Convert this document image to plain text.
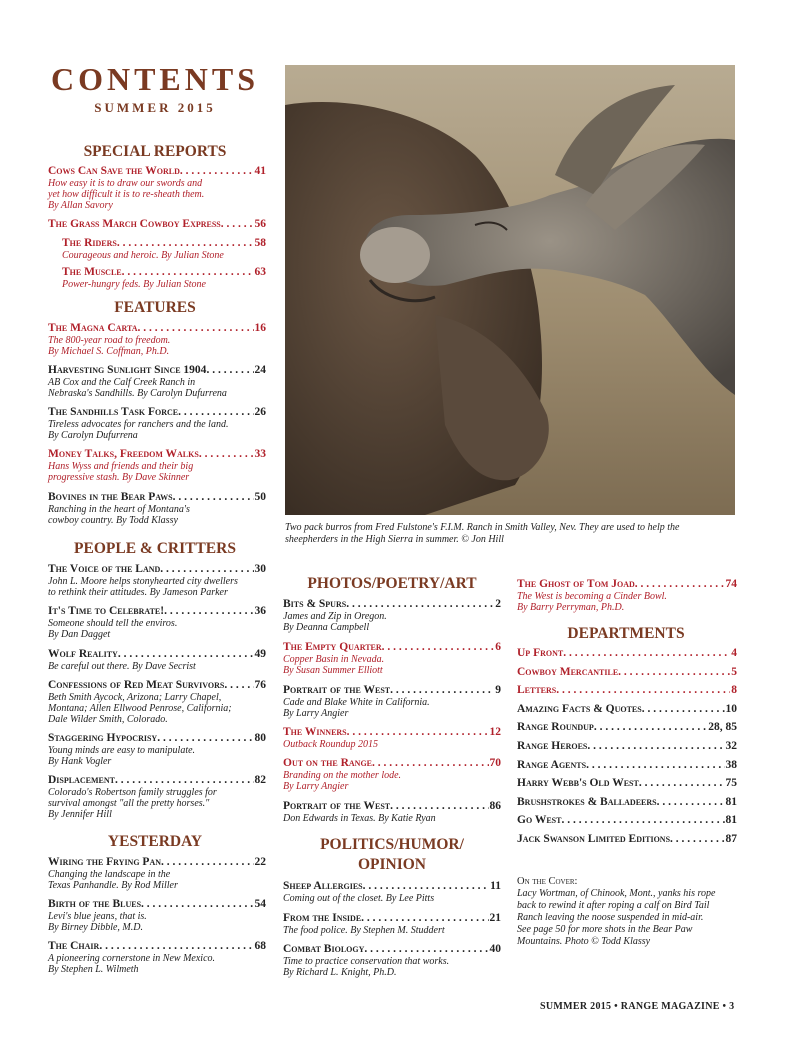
CONTENTS
SUMMER 2015
SPECIAL REPORTS
Cows Can Save the World . . .	41
How easy it is to draw our swords and
yet how difficult it is to re-sheath them.
By Allan Savory
The Grass March Cowboy Express . . .	56
The Riders . . .	58
Courageous and heroic. By Julian Stone
The Muscle . . .	63
Power-hungry feds. By Julian Stone
FEATURES
The Magna Carta . . .	16
The 800-year road to freedom.
By Michael S. Coffman, Ph.D.
Harvesting Sunlight Since 1904 . . .	24
AB Cox and the Calf Creek Ranch in
Nebraska's Sandhills. By Carolyn Dufurrena
The Sandhills Task Force . . .	26
Tireless advocates for ranchers and the land.
By Carolyn Dufurrena
Money Talks, Freedom Walks . . .	33
Hans Wyss and friends and their big
progressive stash. By Dave Skinner
Bovines in the Bear Paws . . .	50
Ranching in the heart of Montana's
cowboy country. By Todd Klassy
PEOPLE & CRITTERS
The Voice of the Land . . .	30
John L. Moore helps stonyhearted city dwellers
to rethink their attitudes. By Jameson Parker
It's Time to Celebrate! . . .	36
Someone should tell the enviros.
By Dan Dagget
Wolf Reality . . .	49
Be careful out there. By Dave Secrist
Confessions of Red Meat Survivors . . .	76
Beth Smith Aycock, Arizona; Larry Chapel,
Montana; Allen Ellwood Penrose, California;
Dale Wilder Smith, Colorado.
Staggering Hypocrisy . . .	80
Young minds are easy to manipulate.
By Hank Vogler
Displacement . . .	82
Colorado's Robertson family struggles for
survival amongst "all the pretty horses."
By Jennifer Hill
YESTERDAY
Wiring the Frying Pan . . .	22
Changing the landscape in the
Texas Panhandle. By Rod Miller
Birth of the Blues . . .	54
Levi's blue jeans, that is.
By Birney Dibble, M.D.
The Chair . . .	68
A pioneering cornerstone in New Mexico.
By Stephen L. Wilmeth
Two pack burros from Fred Fulstone's F.I.M. Ranch in Smith Valley, Nev. They are used to help the
sheepherders in the High Sierra in summer. © Jon Hill
PHOTOS/POETRY/ART
Bits & Spurs . . .	2
James and Zip in Oregon.
By Deanna Campbell
The Empty Quarter . . .	6
Copper Basin in Nevada.
By Susan Summer Elliott
Portrait of the West . . .	9
Cade and Blake White in California.
By Larry Angier
The Winners . . .	12
Outback Roundup 2015
Out on the Range . . .	70
Branding on the mother lode.
By Larry Angier
Portrait of the West . . .	86
Don Edwards in Texas. By Katie Ryan
POLITICS/HUMOR/
OPINION
Sheep Allergies . . .	11
Coming out of the closet. By Lee Pitts
From the Inside . . .	21
The food police. By Stephen M. Studdert
Combat Biology . . .	40
Time to practice conservation that works.
By Richard L. Knight, Ph.D.
The Ghost of Tom Joad . . .	74
The West is becoming a Cinder Bowl.
By Barry Perryman, Ph.D.
DEPARTMENTS
Up Front . . .	4
Cowboy Mercantile . . .	5
Letters . . .	8
Amazing Facts & Quotes . . .	10
Range Roundup . . .	28, 85
Range Heroes . . .	32
Range Agents . . .	38
Harry Webb's Old West . . .	75
Brushstrokes & Balladeers . . .	81
Go West . . .	81
Jack Swanson Limited Editions . . .	87
On the Cover:
Lacy Wortman, of Chinook, Mont., yanks his rope
back to rewind it after roping a calf on Bird Tail
Ranch leaving the noose suspended in mid-air.
See page 50 for more shots in the Bear Paw
Mountains. Photo © Todd Klassy
SUMMER 2015 • RANGE MAGAZINE • 3
